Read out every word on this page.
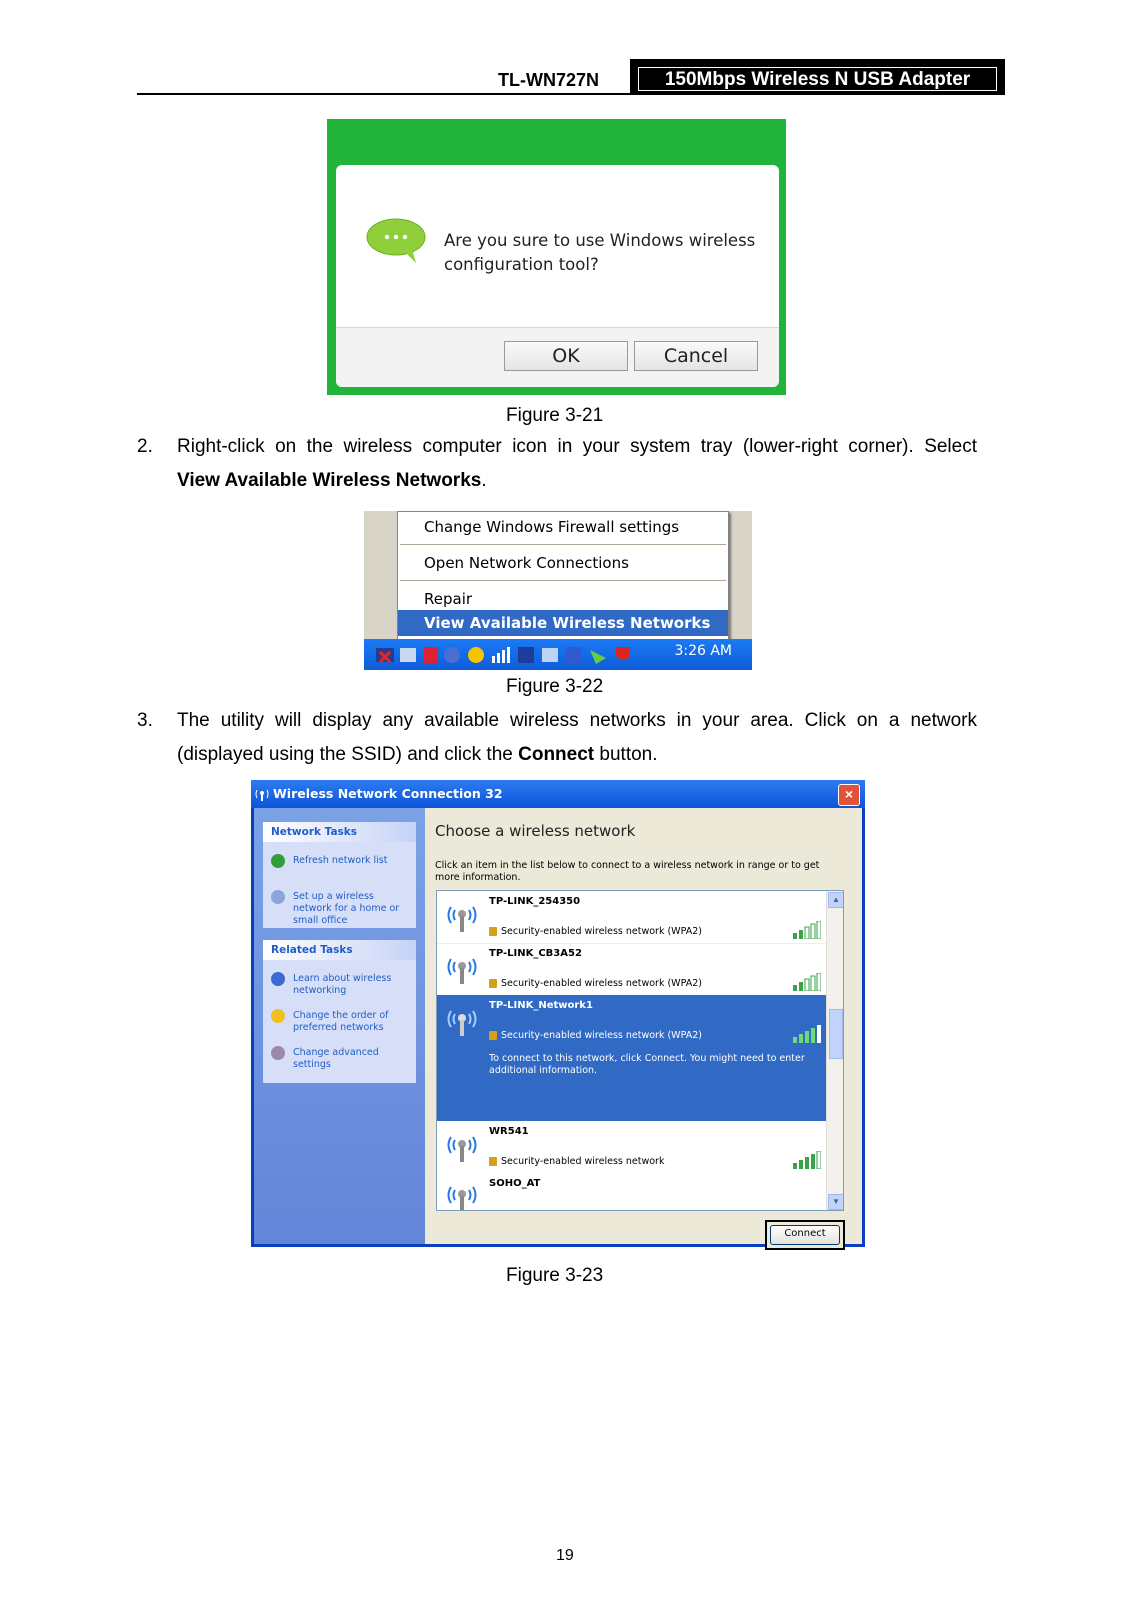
TL-WN727N	150Mbps Wireless N USB Adapter
Are you sure to use Windows wireless
configuration tool?
OK	Cancel
Figure 3-21
2. Right-click on the wireless computer icon in your system tray (lower-right corner). Select
View Available Wireless Networks.
Change Windows Firewall settings
Open Network Connections
Repair
View Available Wireless Networks
3:26 AM
Figure 3-22
3. The utility will display any available wireless networks in your area. Click on a network
(displayed using the SSID) and click the Connect button.
Wireless Network Connection 32	×
Network Tasks
Refresh network list
Set up a wireless network for a home or small office
Related Tasks
Learn about wireless networking
Change the order of preferred networks
Change advanced settings
Choose a wireless network
Click an item in the list below to connect to a wireless network in range or to get more information.
TP-LINK_254350
Security-enabled wireless network (WPA2)
TP-LINK_CB3A52
Security-enabled wireless network (WPA2)
TP-LINK_Network1
Security-enabled wireless network (WPA2)
To connect to this network, click Connect. You might need to enter additional information.
WR541
Security-enabled wireless network
SOHO_AT
▲
▼
Connect
Figure 3-23
19
